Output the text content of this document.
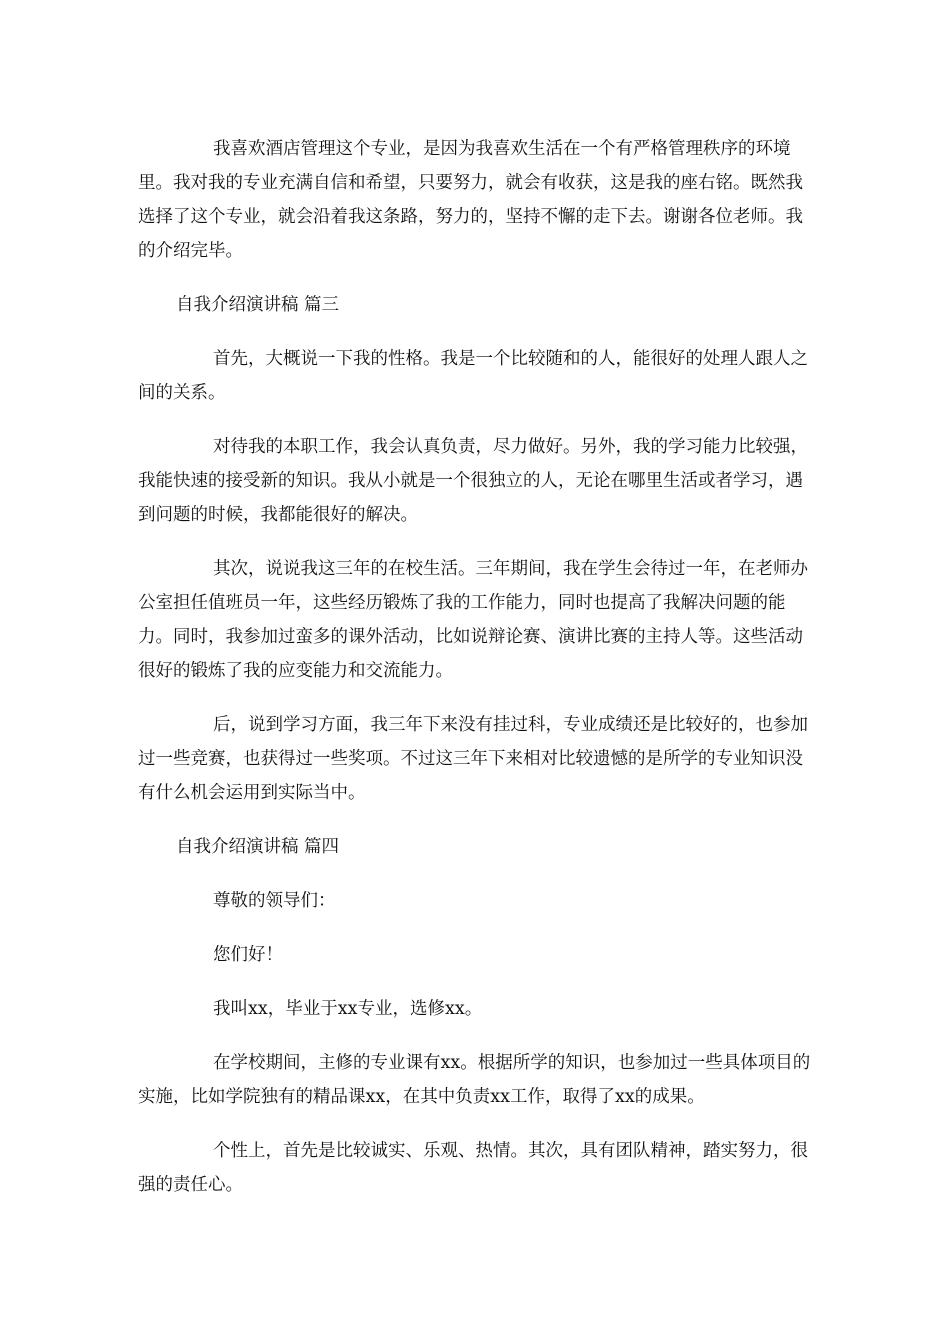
我喜欢酒店管理这个专业，是因为我喜欢生活在一个有严格管理秩序的环境里。我对我的专业充满自信和希望，只要努力，就会有收获，这是我的座右铭。既然我选择了这个专业，就会沿着我这条路，努力的，坚持不懈的走下去。谢谢各位老师。我的介绍完毕。

自我介绍演讲稿 篇三

首先，大概说一下我的性格。我是一个比较随和的人，能很好的处理人跟人之间的关系。

对待我的本职工作，我会认真负责，尽力做好。另外，我的学习能力比较强，我能快速的接受新的知识。我从小就是一个很独立的人，无论在哪里生活或者学习，遇到问题的时候，我都能很好的解决。

其次，说说我这三年的在校生活。三年期间，我在学生会待过一年，在老师办公室担任值班员一年，这些经历锻炼了我的工作能力，同时也提高了我解决问题的能力。同时，我参加过蛮多的课外活动，比如说辩论赛、演讲比赛的主持人等。这些活动很好的锻炼了我的应变能力和交流能力。

后，说到学习方面，我三年下来没有挂过科，专业成绩还是比较好的，也参加过一些竞赛，也获得过一些奖项。不过这三年下来相对比较遗憾的是所学的专业知识没有什么机会运用到实际当中。

自我介绍演讲稿 篇四

尊敬的领导们：

您们好！

我叫xx，毕业于xx专业，选修xx。

在学校期间，主修的专业课有xx。根据所学的知识，也参加过一些具体项目的实施，比如学院独有的精品课xx，在其中负责xx工作，取得了xx的成果。

个性上，首先是比较诚实、乐观、热情。其次，具有团队精神，踏实努力，很强的责任心。
